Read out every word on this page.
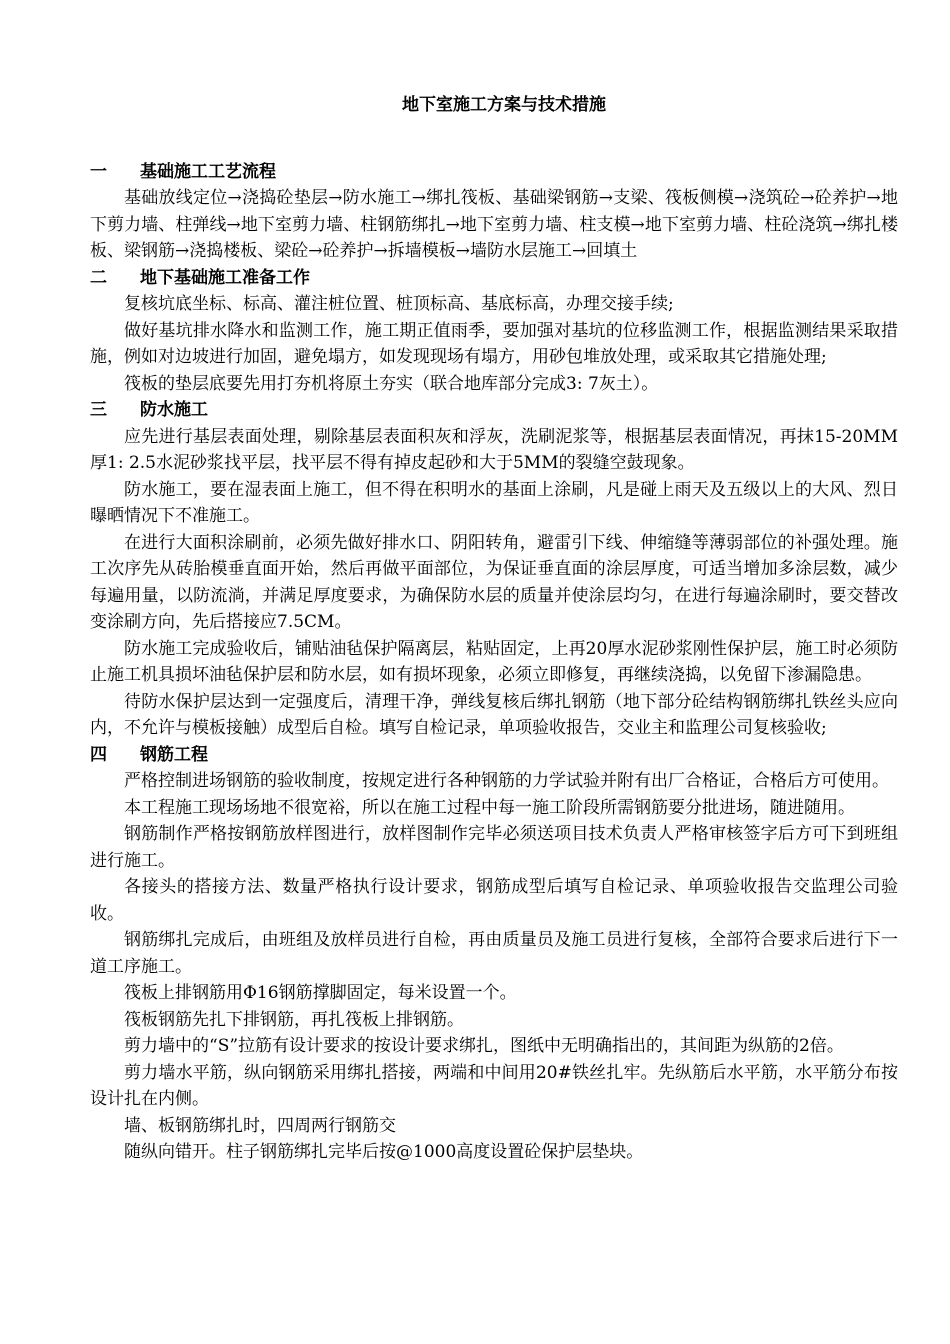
地下室施工方案与技术措施

一	基础施工工艺流程

基础放线定位→浇捣砼垫层→防水施工→绑扎筏板、基础梁钢筋→支梁、筏板侧模→浇筑砼→砼养护→地下剪力墙、柱弹线→地下室剪力墙、柱钢筋绑扎→地下室剪力墙、柱支模→地下室剪力墙、柱砼浇筑→绑扎楼板、梁钢筋→浇捣楼板、梁砼→砼养护→拆墙模板→墙防水层施工→回填土

二	地下基础施工准备工作

复核坑底坐标、标高、灌注桩位置、桩顶标高、基底标高，办理交接手续;

做好基坑排水降水和监测工作，施工期正值雨季，要加强对基坑的位移监测工作，根据监测结果采取措施，例如对边坡进行加固，避免塌方，如发现现场有塌方，用砂包堆放处理，或采取其它措施处理;

筏板的垫层底要先用打夯机将原土夯实（联合地库部分完成3: 7灰土）。

三	防水施工

应先进行基层表面处理，剔除基层表面积灰和浮灰，洗刷泥浆等，根据基层表面情况，再抹15-20MM厚1: 2.5水泥砂浆找平层，找平层不得有掉皮起砂和大于5MM的裂缝空鼓现象。

防水施工，要在湿表面上施工，但不得在积明水的基面上涂刷，凡是碰上雨天及五级以上的大风、烈日曝晒情况下不准施工。

在进行大面积涂刷前，必须先做好排水口、阴阳转角，避雷引下线、伸缩缝等薄弱部位的补强处理。施工次序先从砖胎模垂直面开始，然后再做平面部位，为保证垂直面的涂层厚度，可适当增加多涂层数，减少每遍用量，以防流淌，并满足厚度要求，为确保防水层的质量并使涂层均匀，在进行每遍涂刷时，要交替改变涂刷方向，先后搭接应7.5CM。

防水施工完成验收后，铺贴油毡保护隔离层，粘贴固定，上再20厚水泥砂浆刚性保护层，施工时必须防止施工机具损坏油毡保护层和防水层，如有损坏现象，必须立即修复，再继续浇捣，以免留下渗漏隐患。

待防水保护层达到一定强度后，清理干净，弹线复核后绑扎钢筋（地下部分砼结构钢筋绑扎铁丝头应向内，不允许与模板接触）成型后自检。填写自检记录，单项验收报告，交业主和监理公司复核验收;

四	钢筋工程

严格控制进场钢筋的验收制度，按规定进行各种钢筋的力学试验并附有出厂合格证，合格后方可使用。

本工程施工现场场地不很宽裕，所以在施工过程中每一施工阶段所需钢筋要分批进场，随进随用。

钢筋制作严格按钢筋放样图进行，放样图制作完毕必须送项目技术负责人严格审核签字后方可下到班组进行施工。

各接头的搭接方法、数量严格执行设计要求，钢筋成型后填写自检记录、单项验收报告交监理公司验收。

钢筋绑扎完成后，由班组及放样员进行自检，再由质量员及施工员进行复核，全部符合要求后进行下一道工序施工。

筏板上排钢筋用Φ16钢筋撑脚固定，每米设置一个。

筏板钢筋先扎下排钢筋，再扎筏板上排钢筋。

剪力墙中的“S”拉筋有设计要求的按设计要求绑扎，图纸中无明确指出的，其间距为纵筋的2倍。

剪力墙水平筋，纵向钢筋采用绑扎搭接，两端和中间用20#铁丝扎牢。先纵筋后水平筋，水平筋分布按设计扎在内侧。

墙、板钢筋绑扎时，四周两行钢筋交

随纵向错开。柱子钢筋绑扎完毕后按@1000高度设置砼保护层垫块。
